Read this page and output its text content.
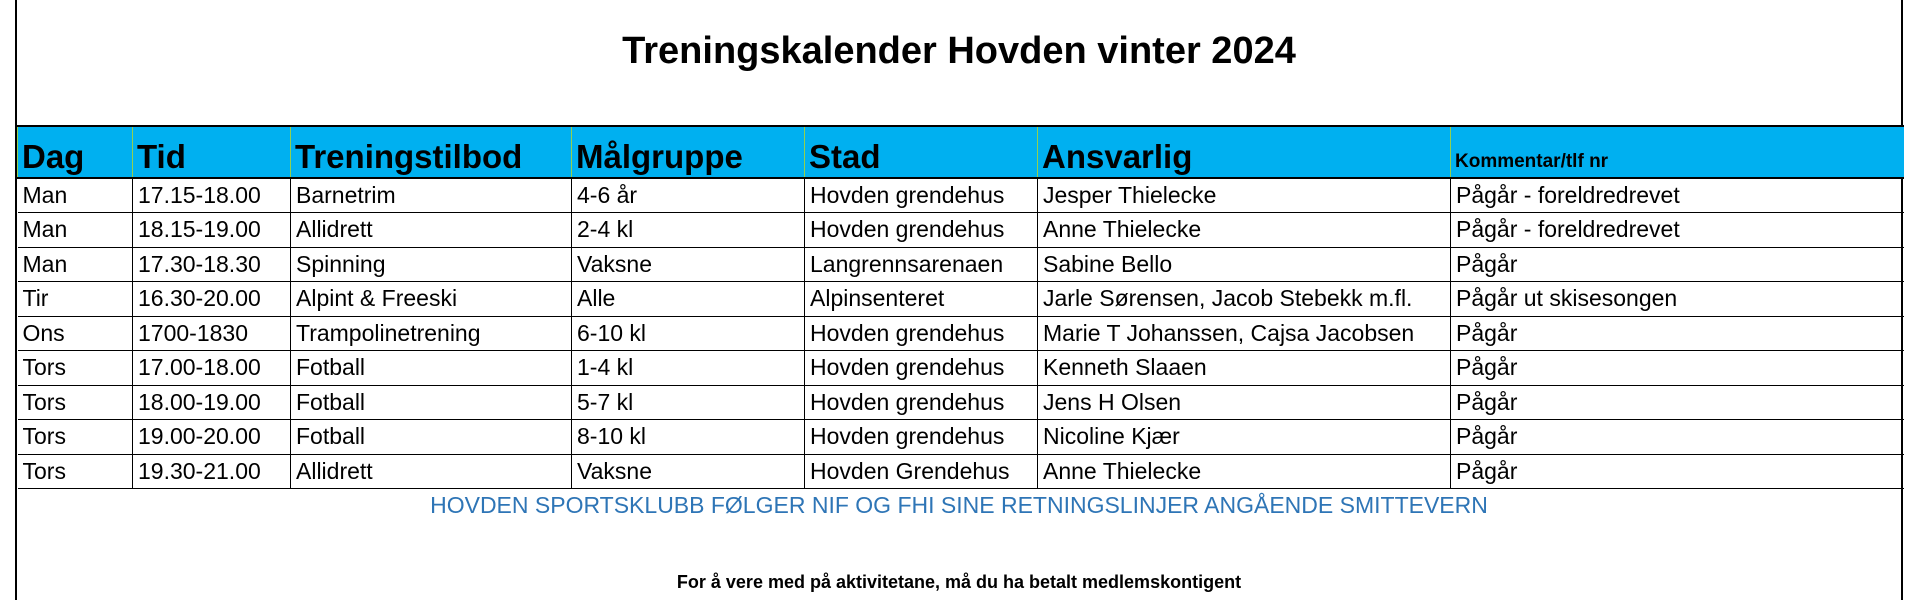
Treningskalender Hovden vinter 2024
Dag	Tid	Treningstilbod	Målgruppe	Stad	Ansvarlig	Kommentar/tlf nr
Man	17.15-18.00	Barnetrim	4-6 år	Hovden grendehus	Jesper Thielecke	Pågår - foreldredrevet
Man	18.15-19.00	Allidrett	2-4 kl	Hovden grendehus	Anne Thielecke	Pågår - foreldredrevet
Man	17.30-18.30	Spinning	Vaksne	Langrennsarenaen	Sabine Bello	Pågår
Tir	16.30-20.00	Alpint & Freeski	Alle	Alpinsenteret	Jarle Sørensen, Jacob Stebekk m.fl.	Pågår ut skisesongen
Ons	1700-1830	Trampolinetrening	6-10 kl	Hovden grendehus	Marie T Johanssen, Cajsa Jacobsen	Pågår
Tors	17.00-18.00	Fotball	1-4 kl	Hovden grendehus	Kenneth Slaaen	Pågår
Tors	18.00-19.00	Fotball	5-7 kl	Hovden grendehus	Jens H Olsen	Pågår
Tors	19.00-20.00	Fotball	8-10 kl	Hovden grendehus	Nicoline Kjær	Pågår
Tors	19.30-21.00	Allidrett	Vaksne	Hovden Grendehus	Anne Thielecke	Pågår
HOVDEN SPORTSKLUBB FØLGER NIF OG FHI SINE RETNINGSLINJER ANGÅENDE SMITTEVERN
For å vere med på aktivitetane, må du ha betalt medlemskontigent
